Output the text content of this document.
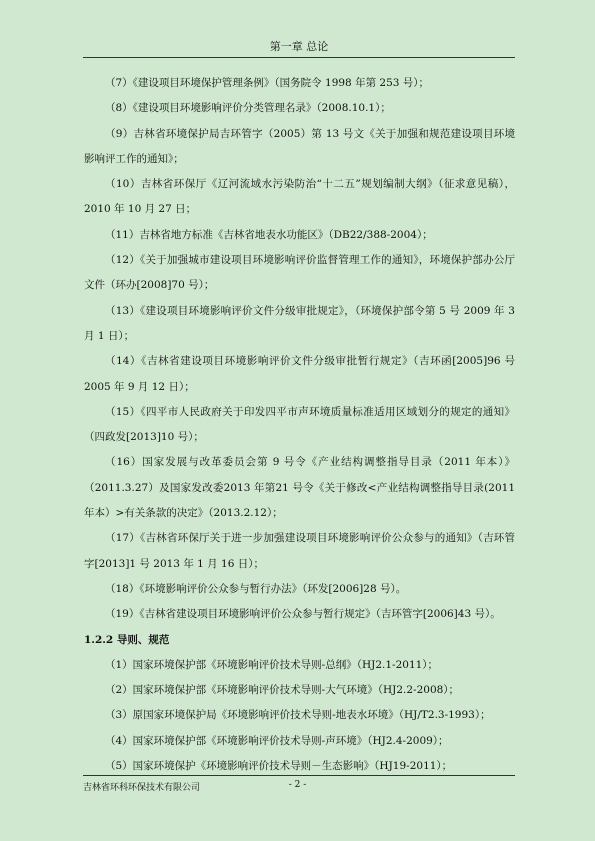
第一章 总论

（7）《建设项目环境保护管理条例》（国务院令 1998 年第 253 号）；

（8）《建设项目环境影响评价分类管理名录》（2008.10.1）；

（9）吉林省环境保护局吉环管字（2005）第 13 号文《关于加强和规范建设项目环境影响评工作的通知》；

（10）吉林省环保厅《辽河流域水污染防治“十二五”规划编制大纲》（征求意见稿），2010 年 10 月 27 日；

（11）吉林省地方标准《吉林省地表水功能区》（DB22/388-2004）；

（12）《关于加强城市建设项目环境影响评价监督管理工作的通知》，环境保护部办公厅文件（环办[2008]70 号）；

（13）《建设项目环境影响评价文件分级审批规定》，（环境保护部令第 5 号 2009 年 3 月 1 日）；

（14）《吉林省建设项目环境影响评价文件分级审批暂行规定》（吉环函[2005]96 号 2005 年 9 月 12 日）；

（15）《四平市人民政府关于印发四平市声环境质量标准适用区域划分的规定的通知》（四政发[2013]10 号）；

（16）国家发展与改革委员会第 9 号令《产业结构调整指导目录（2011 年本）》（2011.3.27）及国家发改委2013 年第21 号令《关于修改<产业结构调整指导目录(2011年本）>有关条款的决定》（2013.2.12）；

（17）《吉林省环保厅关于进一步加强建设项目环境影响评价公众参与的通知》（吉环管字[2013]1 号 2013 年 1 月 16 日）；

（18）《环境影响评价公众参与暂行办法》（环发[2006]28 号）。

（19）《吉林省建设项目环境影响评价公众参与暂行规定》（吉环管字[2006]43 号）。

1.2.2 导则、规范

（1）国家环境保护部《环境影响评价技术导则-总纲》（HJ2.1-2011）；

（2）国家环境保护部《环境影响评价技术导则-大气环境》（HJ2.2-2008）；

（3）原国家环境保护局《环境影响评价技术导则-地表水环境》（HJ/T2.3-1993）；

（4）国家环境保护部《环境影响评价技术导则-声环境》（HJ2.4-2009）；

（5）国家环境保护《环境影响评价技术导则－生态影响》（HJ19-2011）；

吉林省环科环保技术有限公司	- 2 -
